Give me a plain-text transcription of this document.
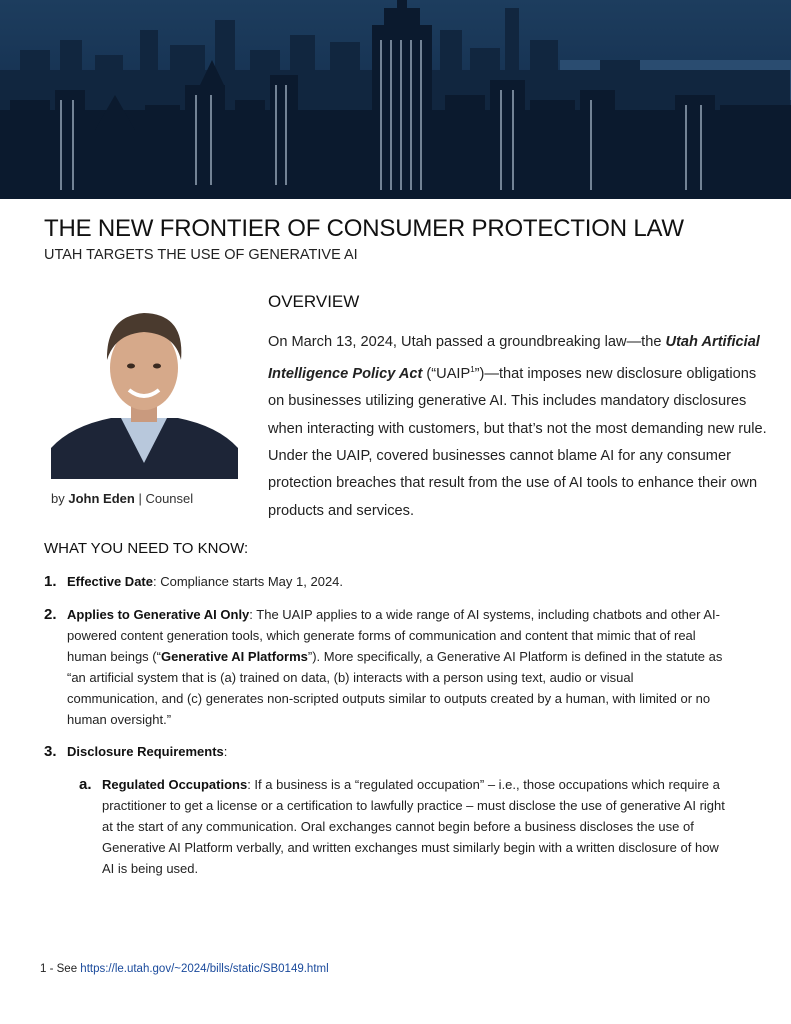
THE NEW FRONTIER OF CONSUMER PROTECTION LAW
UTAH TARGETS THE USE OF GENERATIVE AI
by John Eden | Counsel
OVERVIEW
On March 13, 2024, Utah passed a groundbreaking law—the Utah Artificial Intelligence Policy Act (“UAIP$^1$”)—that imposes new disclosure obligations on businesses utilizing generative AI. This includes mandatory disclosures when interacting with customers, but that’s not the most demanding new rule. Under the UAIP, covered businesses cannot blame AI for any consumer protection breaches that result from the use of AI tools to enhance their own products and services.
WHAT YOU NEED TO KNOW:
1. Effective Date: Compliance starts May 1, 2024.
2. Applies to Generative AI Only: The UAIP applies to a wide range of AI systems, including chatbots and other AI-powered content generation tools, which generate forms of communication and content that mimic that of real human beings (“Generative AI Platforms”). More specifically, a Generative AI Platform is defined in the statute as “an artificial system that is (a) trained on data, (b) interacts with a person using text, audio or visual communication, and (c) generates non-scripted outputs similar to outputs created by a human, with limited or no human oversight.”
3. Disclosure Requirements:
a. Regulated Occupations: If a business is a “regulated occupation” – i.e., those occupations which require a practitioner to get a license or a certification to lawfully practice – must disclose the use of generative AI right at the start of any communication. Oral exchanges cannot begin before a business discloses the use of Generative AI Platform verbally, and written exchanges must similarly begin with a written disclosure of how AI is being used.
1 - See https://le.utah.gov/~2024/bills/static/SB0149.html
